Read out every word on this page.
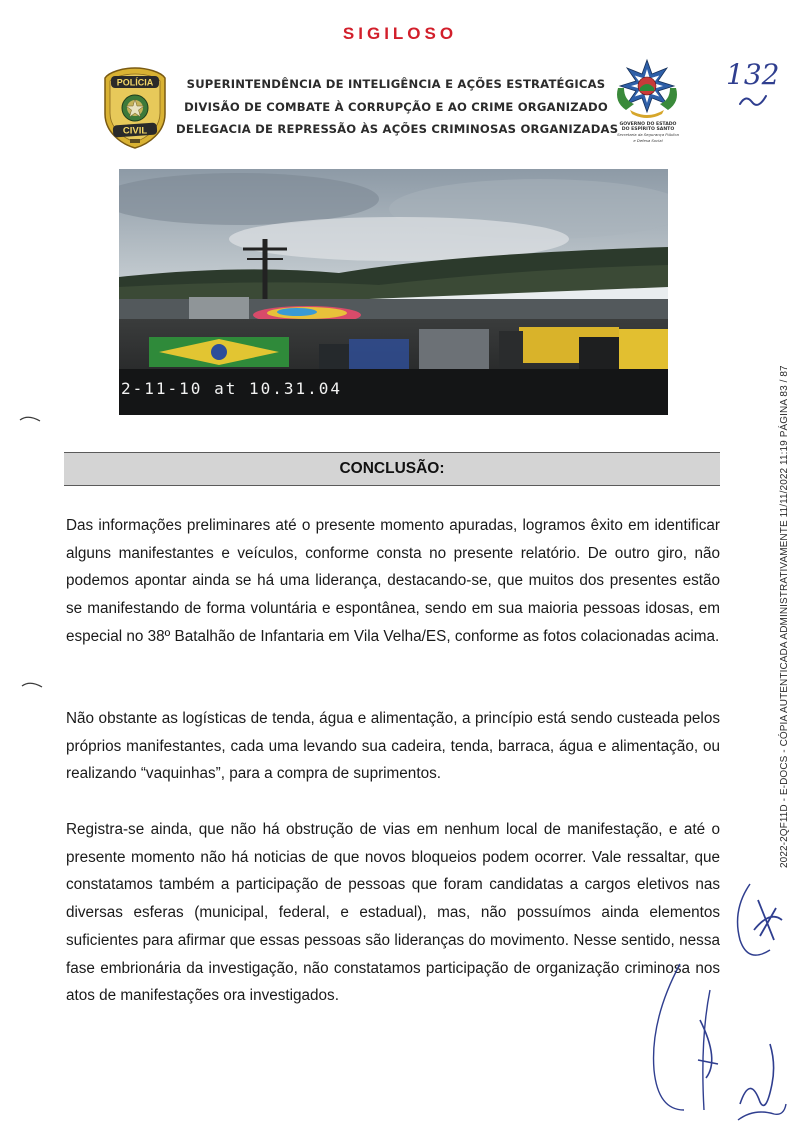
SIGILOSO
POLÍCIA
CIVIL
SUPERINTENDÊNCIA DE INTELIGÊNCIA E AÇÕES ESTRATÉGICAS
DIVISÃO DE COMBATE À CORRUPÇÃO E AO CRIME ORGANIZADO
DELEGACIA DE REPRESSÃO ÀS AÇÕES CRIMINOSAS ORGANIZADAS GOVERNO DO ESTADO
DO ESPÍRITO SANTO
Secretaria da Segurança Pública
e Defesa Social
132
2-11-10 at 10.31.04	2022-2QF11D - E-DOCS - CÓPIA AUTENTICADA ADMINISTRATIVAMENTE 11/11/2022 11:19 PÁGINA 83 / 87
CONCLUSÃO:

Das informações preliminares até o presente momento apuradas, logramos êxito em identificar alguns manifestantes e veículos, conforme consta no presente relatório. De outro giro, não podemos apontar ainda se há uma liderança, destacando-se, que muitos dos presentes estão se manifestando de forma voluntária e espontânea, sendo em sua maioria pessoas idosas, em especial no 38º Batalhão de Infantaria em Vila Velha/ES, conforme as fotos colacionadas acima.

Não obstante as logísticas de tenda, água e alimentação, a princípio está sendo custeada pelos próprios manifestantes, cada uma levando sua cadeira, tenda, barraca, água e alimentação, ou realizando “vaquinhas”, para a compra de suprimentos.

Registra-se ainda, que não há obstrução de vias em nenhum local de manifestação, e até o presente momento não há noticias de que novos bloqueios podem ocorrer. Vale ressaltar, que constatamos também a participação de pessoas que foram candidatas a cargos eletivos nas diversas esferas (municipal, federal, e estadual), mas, não possuímos ainda elementos suficientes para afirmar que essas pessoas são lideranças do movimento. Nesse sentido, nessa fase embrionária da investigação, não constatamos participação de organização criminosa nos atos de manifestações ora investigados.
